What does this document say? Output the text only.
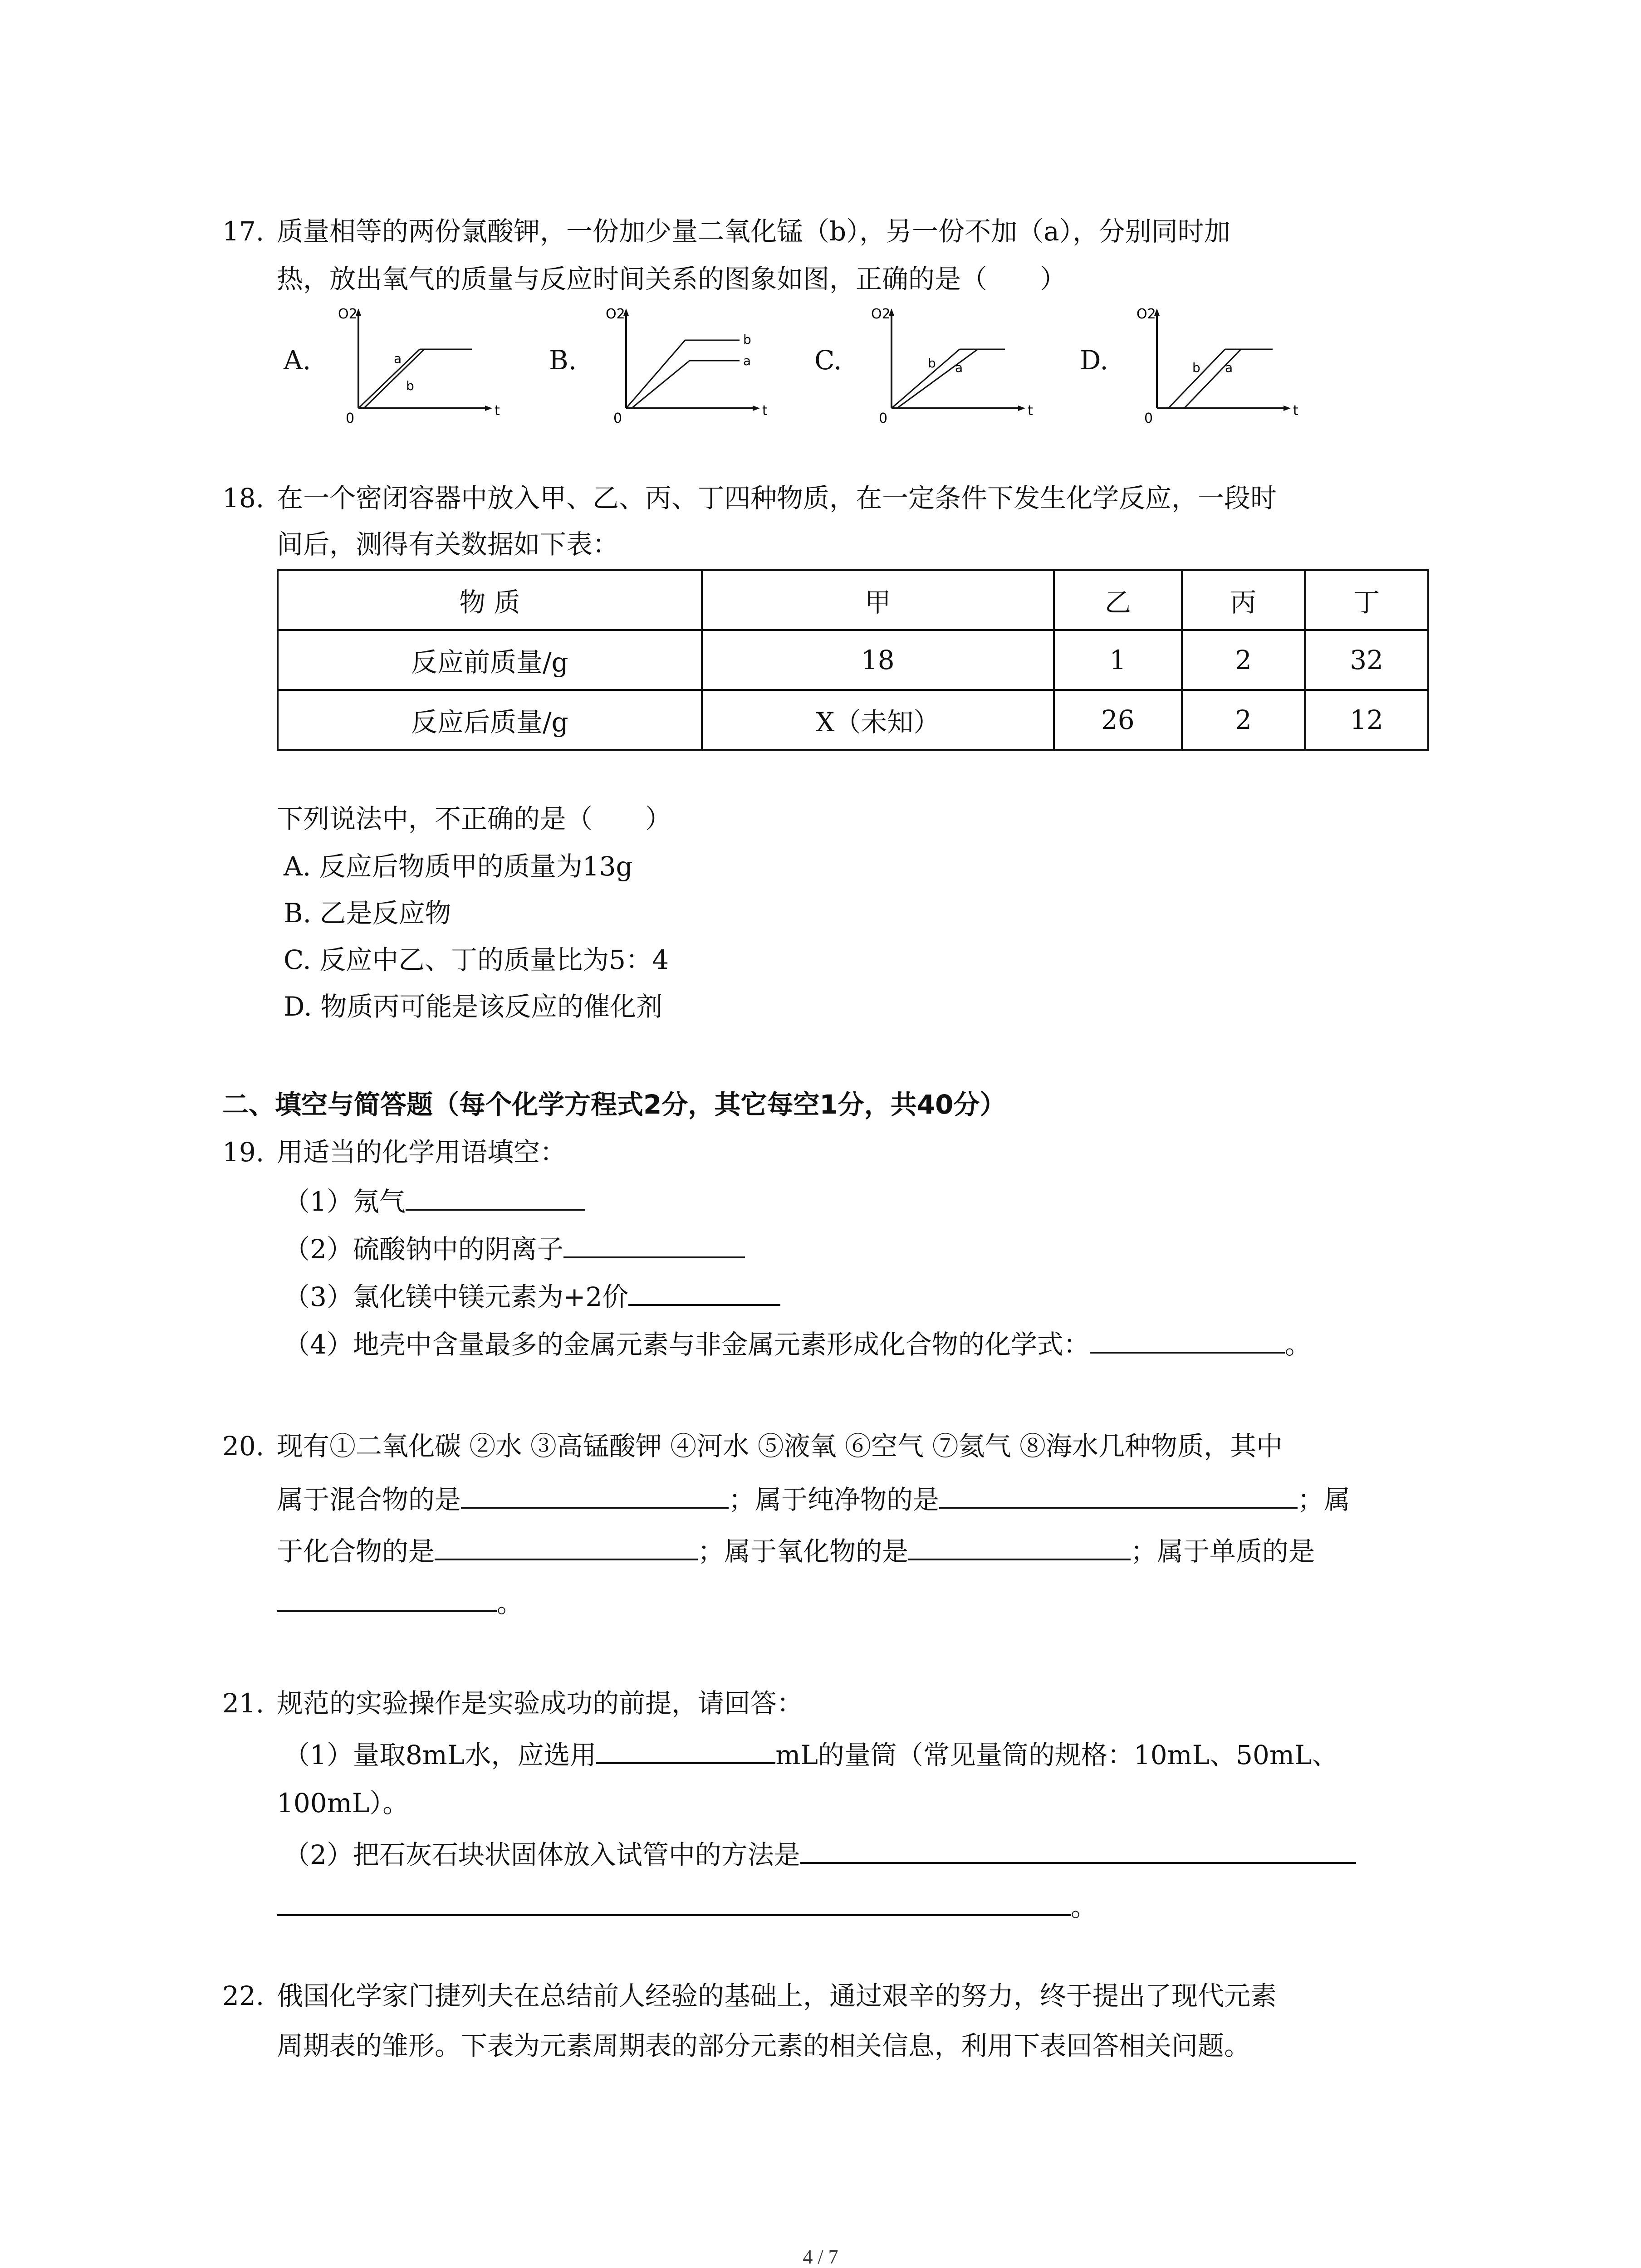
17. 质量相等的两份氯酸钾，一份加少量二氧化锰（b），另一份不加（a），分别同时加
热，放出氧气的质量与反应时间关系的图象如图，正确的是（　　）
A.	B.	C.	D.
O2
t
0
a
b
O2
t
0
b
a
O2
t
0
b a
O2
t
0
b a
18. 在一个密闭容器中放入甲、乙、丙、丁四种物质，在一定条件下发生化学反应，一段时
间后，测得有关数据如下表：
物 质	甲	乙	丙	丁
反应前质量/g	18	1	2	32
反应后质量/g	X（未知）	26	2	12
下列说法中，不正确的是（　　）
A. 反应后物质甲的质量为13g
B. 乙是反应物
C. 反应中乙、丁的质量比为5：4
D. 物质丙可能是该反应的催化剂
二、填空与简答题（每个化学方程式2分，其它每空1分，共40分）
19. 用适当的化学用语填空：
（1）氖气
（2）硫酸钠中的阴离子
（3）氯化镁中镁元素为+2价
（4）地壳中含量最多的金属元素与非金属元素形成化合物的化学式：	。
20. 现有①二氧化碳 ②水 ③高锰酸钾 ④河水 ⑤液氧 ⑥空气 ⑦氦气 ⑧海水几种物质，其中
属于混合物的是	；属于纯净物的是	；属
于化合物的是	；属于氧化物的是	；属于单质的是
。
21. 规范的实验操作是实验成功的前提，请回答：
（1）量取8mL水，应选用	mL的量筒（常见量筒的规格：10mL、50mL、
100mL）。
（2）把石灰石块状固体放入试管中的方法是
。
22. 俄国化学家门捷列夫在总结前人经验的基础上，通过艰辛的努力，终于提出了现代元素
周期表的雏形。下表为元素周期表的部分元素的相关信息，利用下表回答相关问题。
4 / 7
